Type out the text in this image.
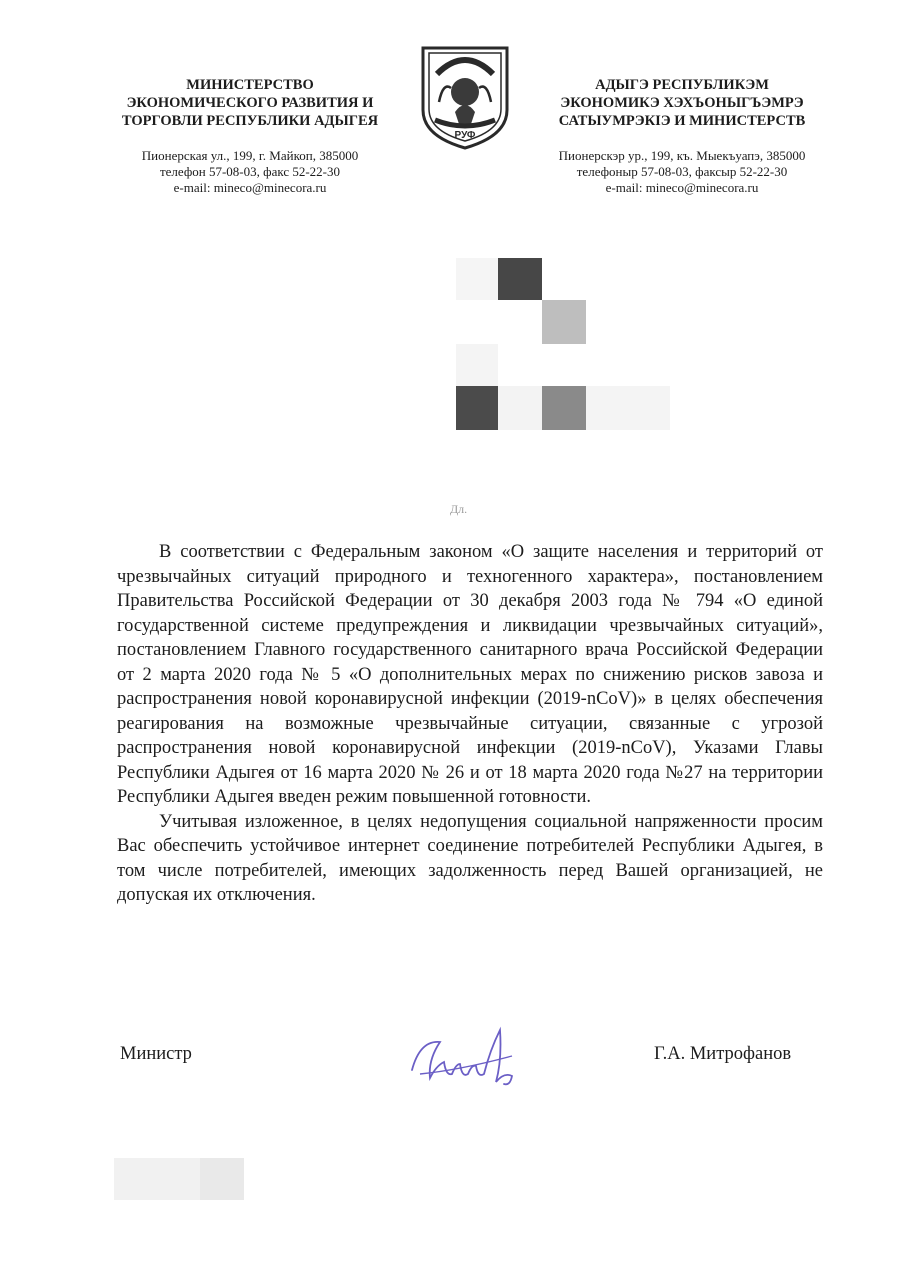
МИНИСТЕРСТВО
ЭКОНОМИЧЕСКОГО РАЗВИТИЯ И
ТОРГОВЛИ РЕСПУБЛИКИ АДЫГЕЯ
Пионерская ул., 199, г. Майкоп, 385000
телефон 57-08-03, факс 52-22-30
e-mail: mineco@minecora.ru
РУФ
АДЫГЭ РЕСПУБЛИКЭМ
ЭКОНОМИКЭ ХЭХЪОНЫГЪЭМРЭ
САТЫУМРЭКIЭ И МИНИСТЕРСТВ
Пионерскэр ур., 199, къ. Мыекъуапэ, 385000
телефоныр 57-08-03, факсыр 52-22-30
e-mail: mineco@minecora.ru
Дл.

В соответствии с Федеральным законом «О защите населения и территорий от чрезвычайных ситуаций природного и техногенного характера», постановлением Правительства Российской Федерации от 30 декабря 2003 года № 794 «О единой государственной системе предупреждения и ликвидации чрезвычайных ситуаций», постановлением Главного государственного санитарного врача Российской Федерации от 2 марта 2020 года № 5 «О дополнительных мерах по снижению рисков завоза и распространения новой коронавирусной инфекции (2019-nCoV)» в целях обеспечения реагирования на возможные чрезвычайные ситуации, связанные с угрозой распространения новой коронавирусной инфекции (2019-nCoV), Указами Главы Республики Адыгея от 16 марта 2020 № 26 и от 18 марта 2020 года №27 на территории Республики Адыгея введен режим повышенной готовности.

Учитывая изложенное, в целях недопущения социальной напряженности просим Вас обеспечить устойчивое интернет соединение потребителей Республики Адыгея, в том числе потребителей, имеющих задолженность перед Вашей организацией, не допуская их отключения.

Министр	Г.А. Митрофанов
